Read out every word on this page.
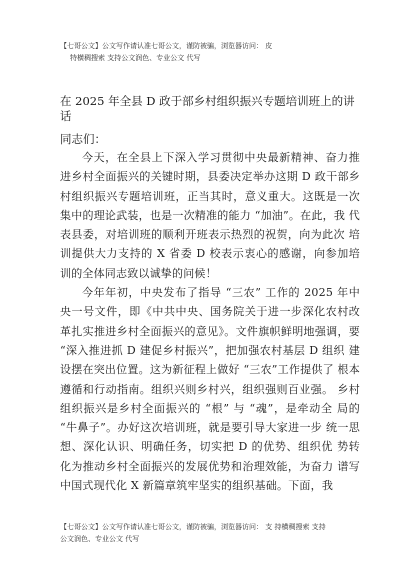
【七哥公文】公文写作请认准七哥公文，谨防被骗，浏览器访问： 皮
特横稠搜索 支持公文润色、专业公文 代写
在 2025 年全县 D 政于部乡村组织振兴专题培训班上的讲话
同志们：

今天，在全县上下深入学习贯彻中央最新精神、奋力推进乡村全面振兴的关键时期，县委决定举办这期 D 政干部乡 村组织振兴专题培训班，正当其时，意义重大。这既是一次 集中的理论武装，也是一次精准的能力 “加油”。在此，我 代表县委，对培训班的顺利开班表示热烈的祝贺，向为此次 培训提供大力支持的 X 省委 D 校表示衷心的感谢，向参加培 训的全体同志致以诚挚的问候！

今年年初，中央发布了指导 “三农” 工作的 2025 年中 央一号文件，即《中共中央、国务院关于进一步深化农村改 革扎实推进乡村全面振兴的意见》。文件旗帜鲜明地强调，要 “深入推进抓 D 建促乡村振兴”，把加强农村基层 D 组织 建设摆在突出位置。这为新征程上做好 “三农”工作提供了 根本遵循和行动指南。组织兴则乡村兴，组织强则百业强。 乡村组织振兴是乡村全面振兴的 “根” 与 “魂”，是牵动全 局的 “牛鼻子”。办好这次培训班，就是要引导大家进一步 统一思想、深化认识、明确任务，切实把 D 的优势、组织优 势转化为推动乡村全面振兴的发展优势和治理效能，为奋力 谱写中国式现代化 X 新篇章筑牢坚实的组织基础。下面，我

【七哥公文】公文写作请认准七哥公文，谨防被骗，浏览器访问： 支 持横稠搜索 支持
公文润色、专业公文 代写
